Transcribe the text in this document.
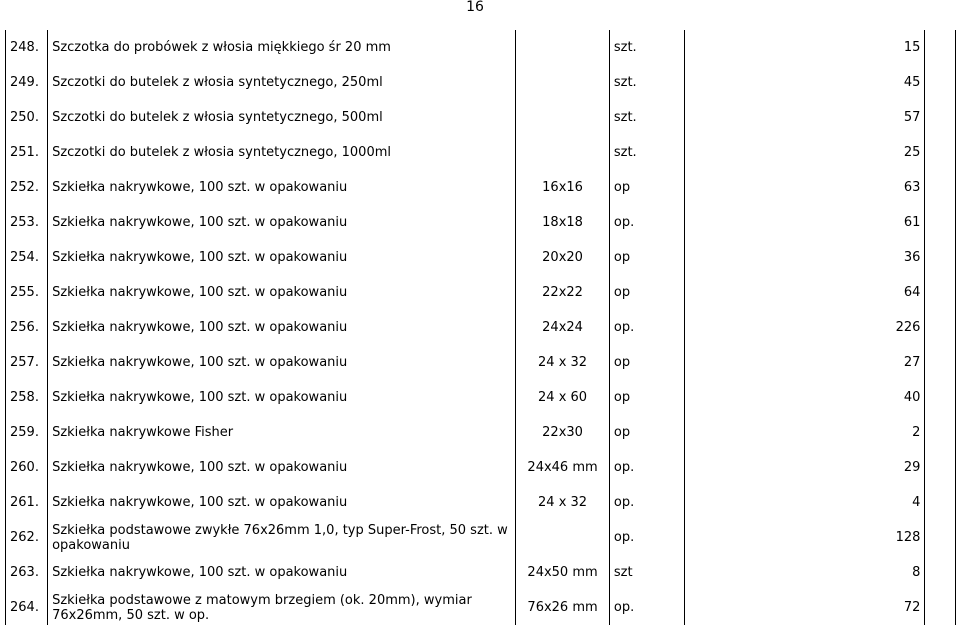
16
248.	Szczotka do probówek z włosia miękkiego śr 20 mm		szt.	15	
249.	Szczotki do butelek z włosia syntetycznego, 250ml		szt.	45	
250.	Szczotki do butelek z włosia syntetycznego, 500ml		szt.	57	
251.	Szczotki do butelek z włosia syntetycznego, 1000ml		szt.	25	
252.	Szkiełka nakrywkowe, 100 szt. w opakowaniu	16x16	op	63	
253.	Szkiełka nakrywkowe, 100 szt. w opakowaniu	18x18	op.	61	
254.	Szkiełka nakrywkowe, 100 szt. w opakowaniu	20x20	op	36	
255.	Szkiełka nakrywkowe, 100 szt. w opakowaniu	22x22	op	64	
256.	Szkiełka nakrywkowe, 100 szt. w opakowaniu	24x24	op.	226	
257.	Szkiełka nakrywkowe, 100 szt. w opakowaniu	24 x 32	op	27	
258.	Szkiełka nakrywkowe, 100 szt. w opakowaniu	24 x 60	op	40	
259.	Szkiełka nakrywkowe Fisher	22x30	op	2	
260.	Szkiełka nakrywkowe, 100 szt. w opakowaniu	24x46 mm	op.	29	
261.	Szkiełka nakrywkowe, 100 szt. w opakowaniu	24 x 32	op.	4	
262.	Szkiełka podstawowe zwykłe 76x26mm 1,0, typ Super-Frost, 50 szt. w opakowaniu		op.	128	
263.	Szkiełka nakrywkowe, 100 szt. w opakowaniu	24x50 mm	szt	8	
264.	Szkiełka podstawowe z matowym brzegiem (ok. 20mm), wymiar 76x26mm, 50 szt. w op.	76x26 mm	op.	72	
